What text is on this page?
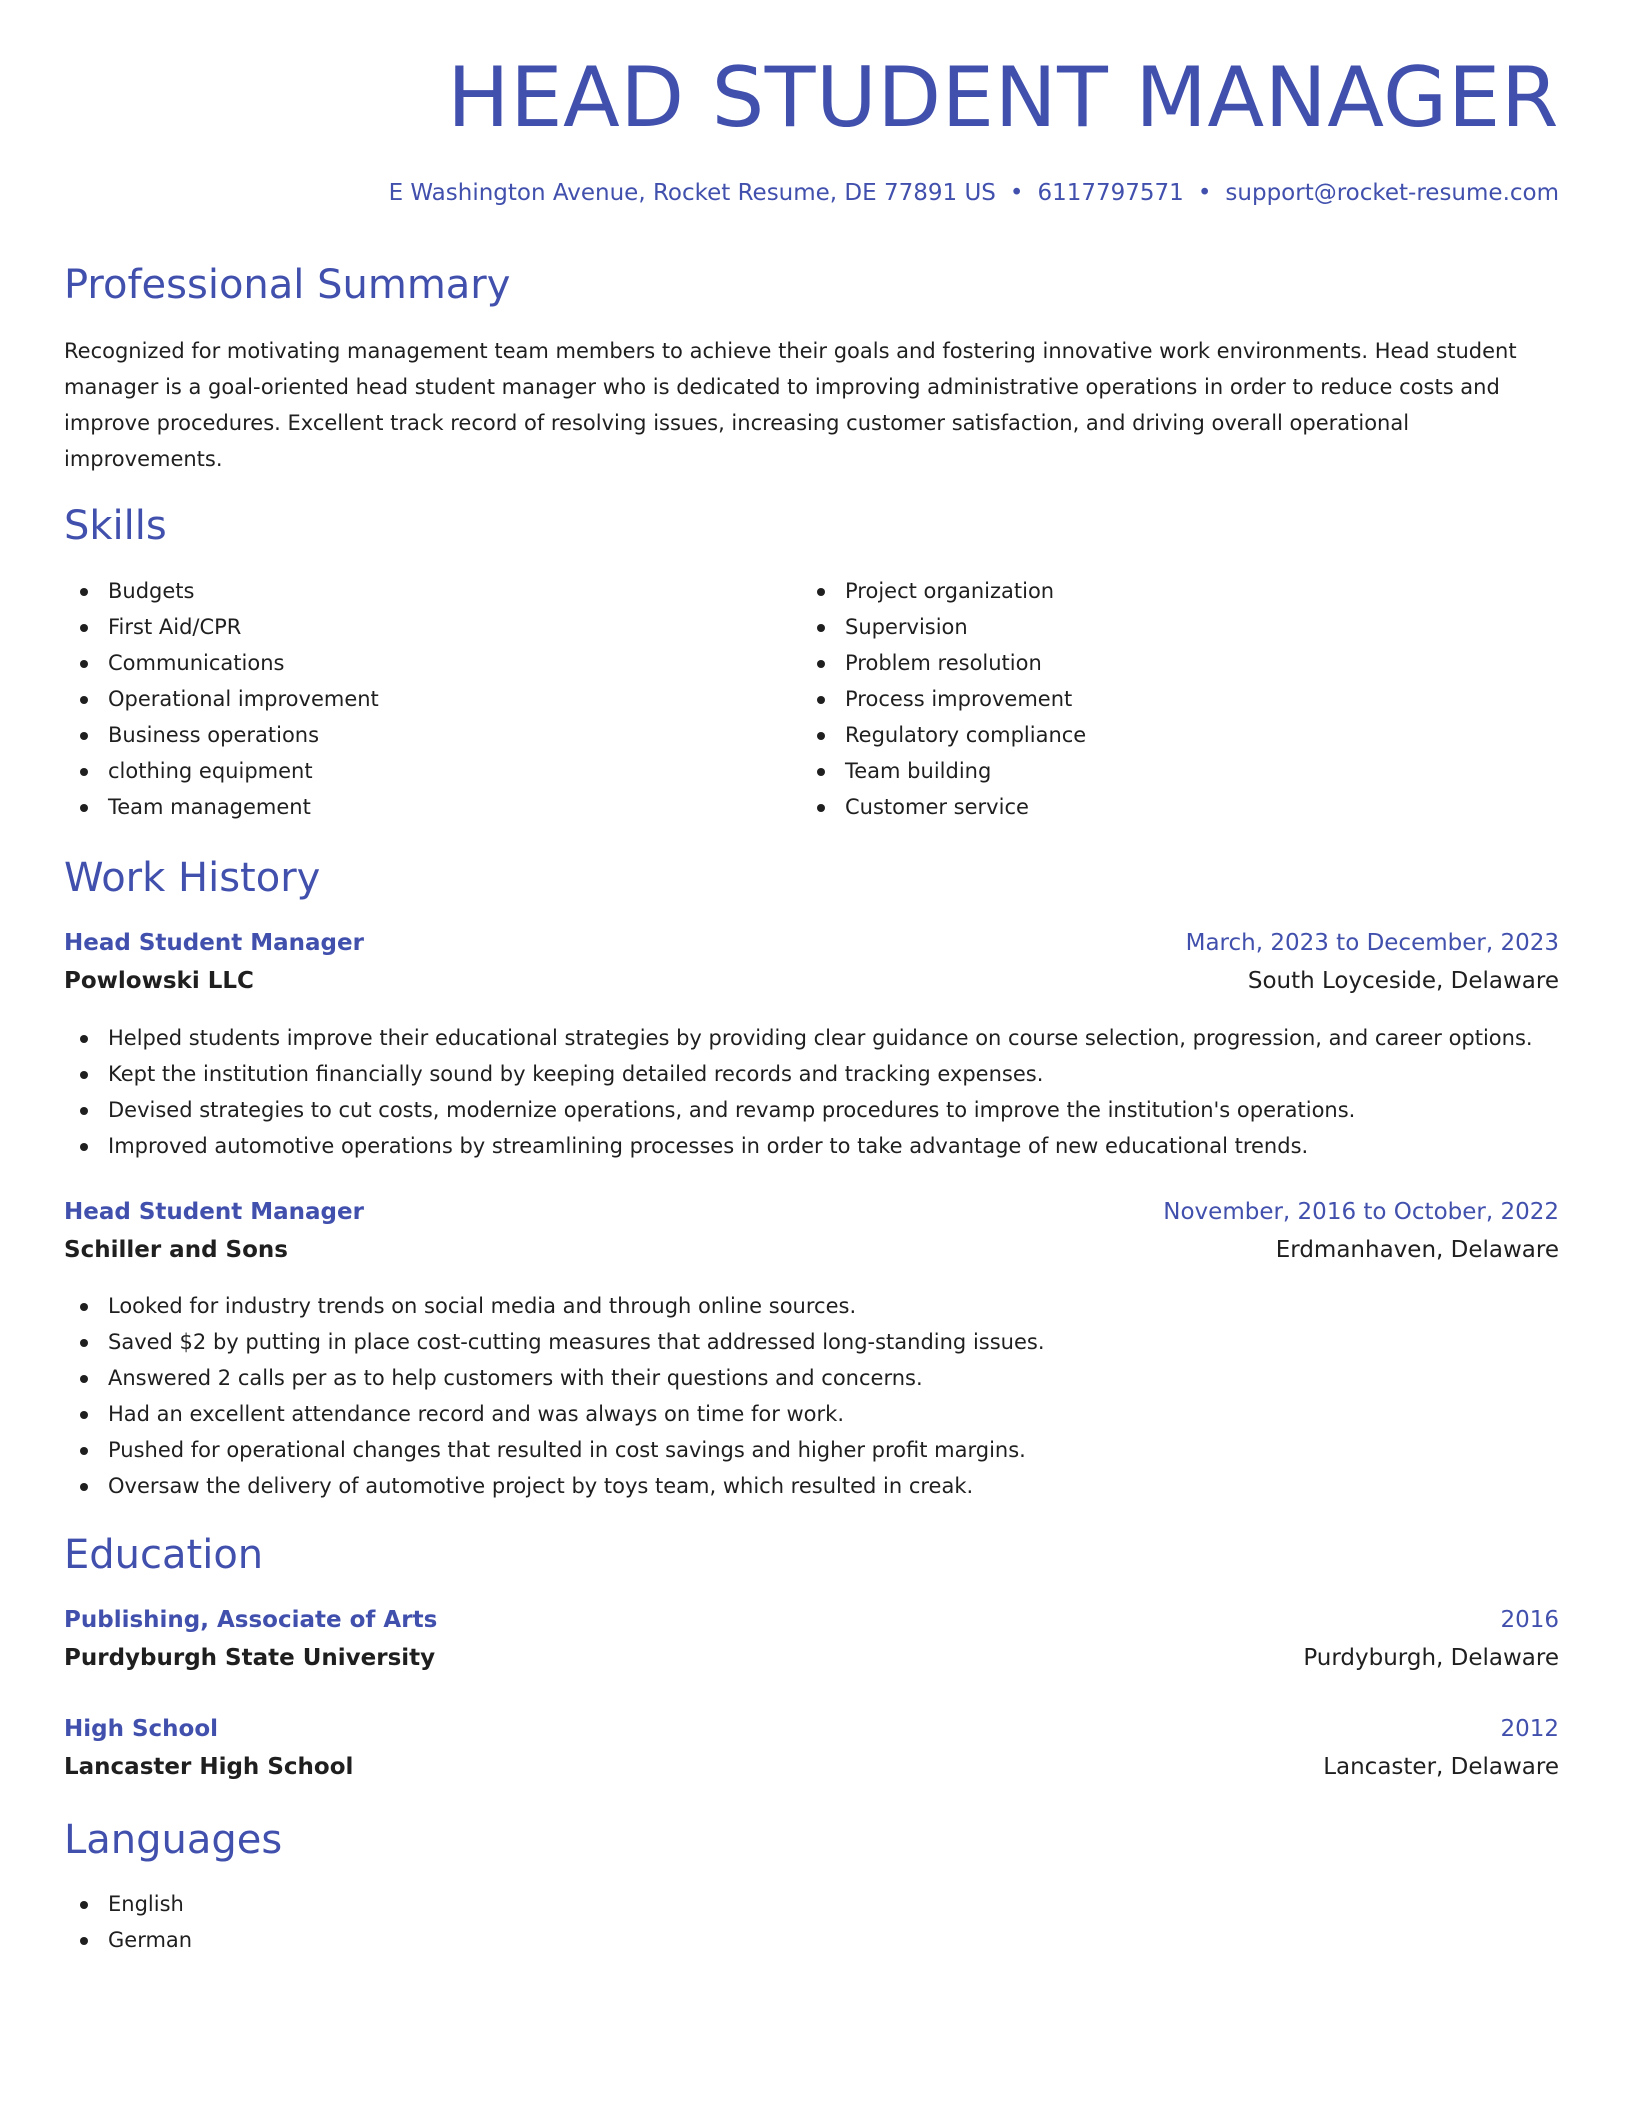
HEAD STUDENT MANAGER
E Washington Avenue, Rocket Resume, DE 77891 US • 6117797571 • support@rocket-resume.com
Professional Summary

Recognized for motivating management team members to achieve their goals and fostering innovative work environments. Head student manager is a goal-oriented head student manager who is dedicated to improving administrative operations in order to reduce costs and improve procedures. Excellent track record of resolving issues, increasing customer satisfaction, and driving overall operational improvements.

Skills
Budgets
First Aid/CPR
Communications
Operational improvement
Business operations
clothing equipment
Team management
Project organization
Supervision
Problem resolution
Process improvement
Regulatory compliance
Team building
Customer service
Work History
Head Student Manager	March, 2023 to December, 2023
Powlowski LLC	South Loyceside, Delaware
Helped students improve their educational strategies by providing clear guidance on course selection, progression, and career options.
Kept the institution financially sound by keeping detailed records and tracking expenses.
Devised strategies to cut costs, modernize operations, and revamp procedures to improve the institution's operations.
Improved automotive operations by streamlining processes in order to take advantage of new educational trends.
Head Student Manager	November, 2016 to October, 2022
Schiller and Sons	Erdmanhaven, Delaware
Looked for industry trends on social media and through online sources.
Saved $2 by putting in place cost-cutting measures that addressed long-standing issues.
Answered 2 calls per as to help customers with their questions and concerns.
Had an excellent attendance record and was always on time for work.
Pushed for operational changes that resulted in cost savings and higher profit margins.
Oversaw the delivery of automotive project by toys team, which resulted in creak.
Education
Publishing, Associate of Arts	2016
Purdyburgh State University	Purdyburgh, Delaware
High School	2012
Lancaster High School	Lancaster, Delaware
Languages
English
German
